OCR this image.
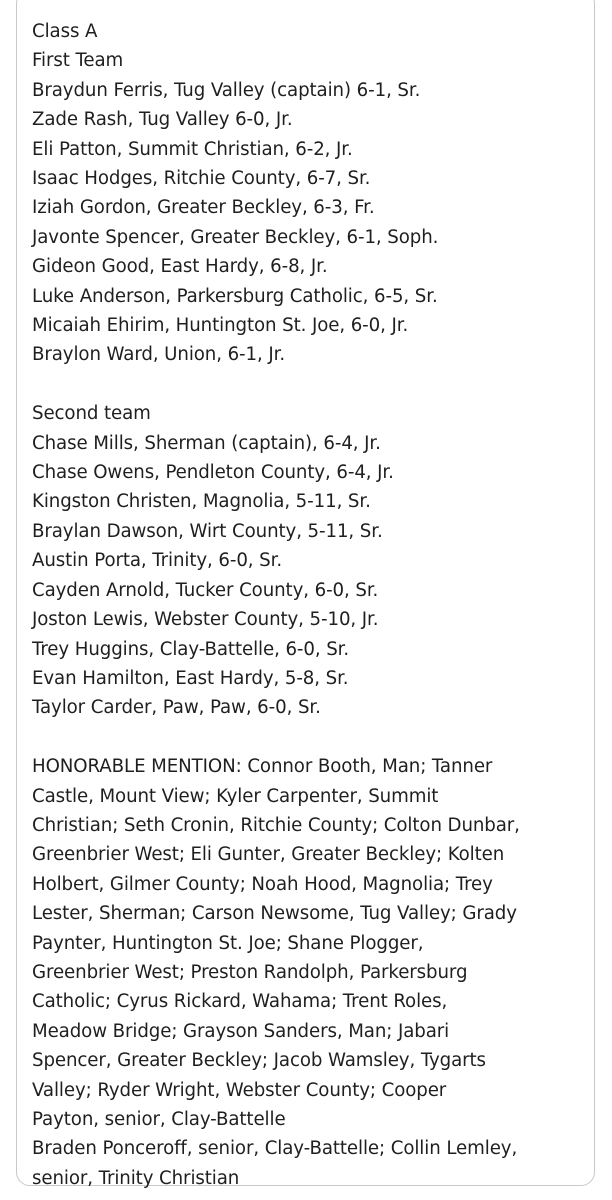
Class A
First Team
Braydun Ferris, Tug Valley (captain) 6-1, Sr.
Zade Rash, Tug Valley 6-0, Jr.
Eli Patton, Summit Christian, 6-2, Jr.
Isaac Hodges, Ritchie County, 6-7, Sr.
Iziah Gordon, Greater Beckley, 6-3, Fr.
Javonte Spencer, Greater Beckley, 6-1, Soph.
Gideon Good, East Hardy, 6-8, Jr.
Luke Anderson, Parkersburg Catholic, 6-5, Sr.
Micaiah Ehirim, Huntington St. Joe, 6-0, Jr.
Braylon Ward, Union, 6-1, Jr.
Second team
Chase Mills, Sherman (captain), 6-4, Jr.
Chase Owens, Pendleton County, 6-4, Jr.
Kingston Christen, Magnolia, 5-11, Sr.
Braylan Dawson, Wirt County, 5-11, Sr.
Austin Porta, Trinity, 6-0, Sr.
Cayden Arnold, Tucker County, 6-0, Sr.
Joston Lewis, Webster County, 5-10, Jr.
Trey Huggins, Clay-Battelle, 6-0, Sr.
Evan Hamilton, East Hardy, 5-8, Sr.
Taylor Carder, Paw, Paw, 6-0, Sr.
HONORABLE MENTION: Connor Booth, Man; Tanner
Castle, Mount View; Kyler Carpenter, Summit
Christian; Seth Cronin, Ritchie County; Colton Dunbar,
Greenbrier West; Eli Gunter, Greater Beckley; Kolten
Holbert, Gilmer County; Noah Hood, Magnolia; Trey
Lester, Sherman; Carson Newsome, Tug Valley; Grady
Paynter, Huntington St. Joe; Shane Plogger,
Greenbrier West; Preston Randolph, Parkersburg
Catholic; Cyrus Rickard, Wahama; Trent Roles,
Meadow Bridge; Grayson Sanders, Man; Jabari
Spencer, Greater Beckley; Jacob Wamsley, Tygarts
Valley; Ryder Wright, Webster County; Cooper
Payton, senior, Clay-Battelle
Braden Ponceroff, senior, Clay-Battelle; Collin Lemley,
senior, Trinity Christian
